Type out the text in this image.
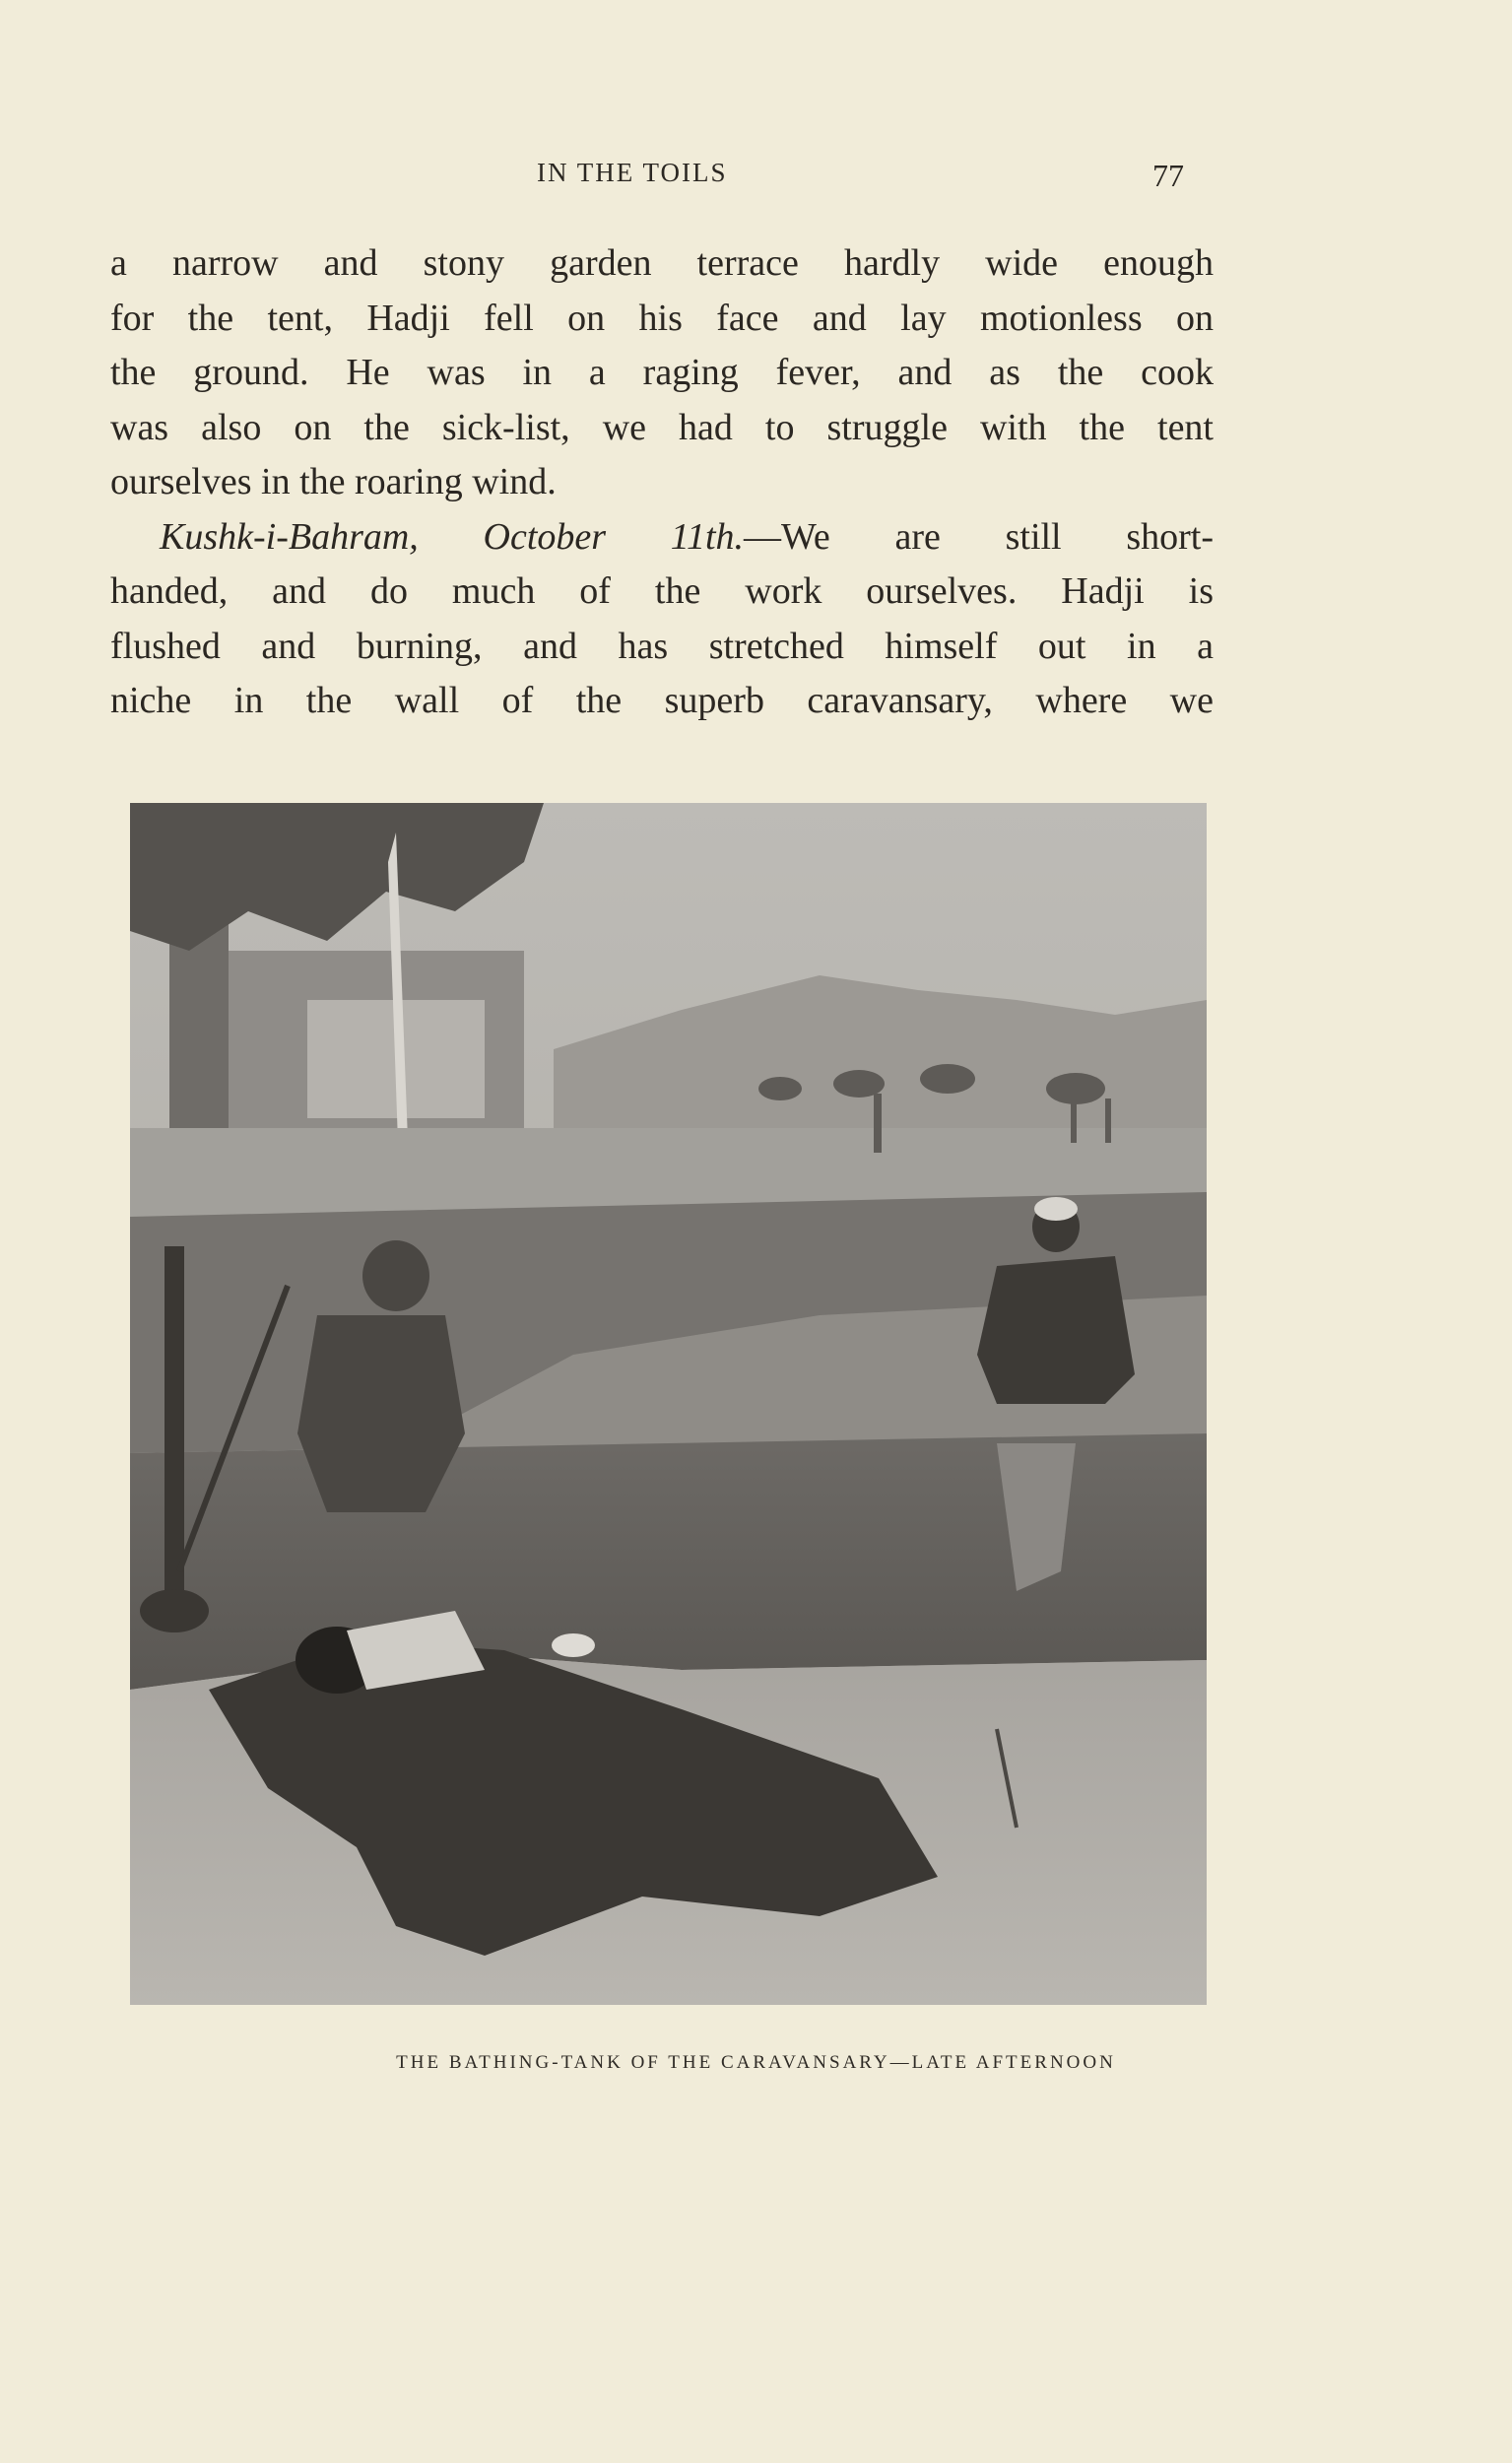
IN THE TOILS	77
a narrow and stony garden terrace hardly wide enough
for the tent, Hadji fell on his face and lay motionless on
the ground. He was in a raging fever, and as the cook
was also on the sick-list, we had to struggle with the tent
ourselves in the roaring wind.
Kushk-i-Bahram, October 11th.—We are still short-
handed, and do much of the work ourselves. Hadji is
flushed and burning, and has stretched himself out in a
niche in the wall of the superb caravansary, where we
THE BATHING-TANK OF THE CARAVANSARY—LATE AFTERNOON
